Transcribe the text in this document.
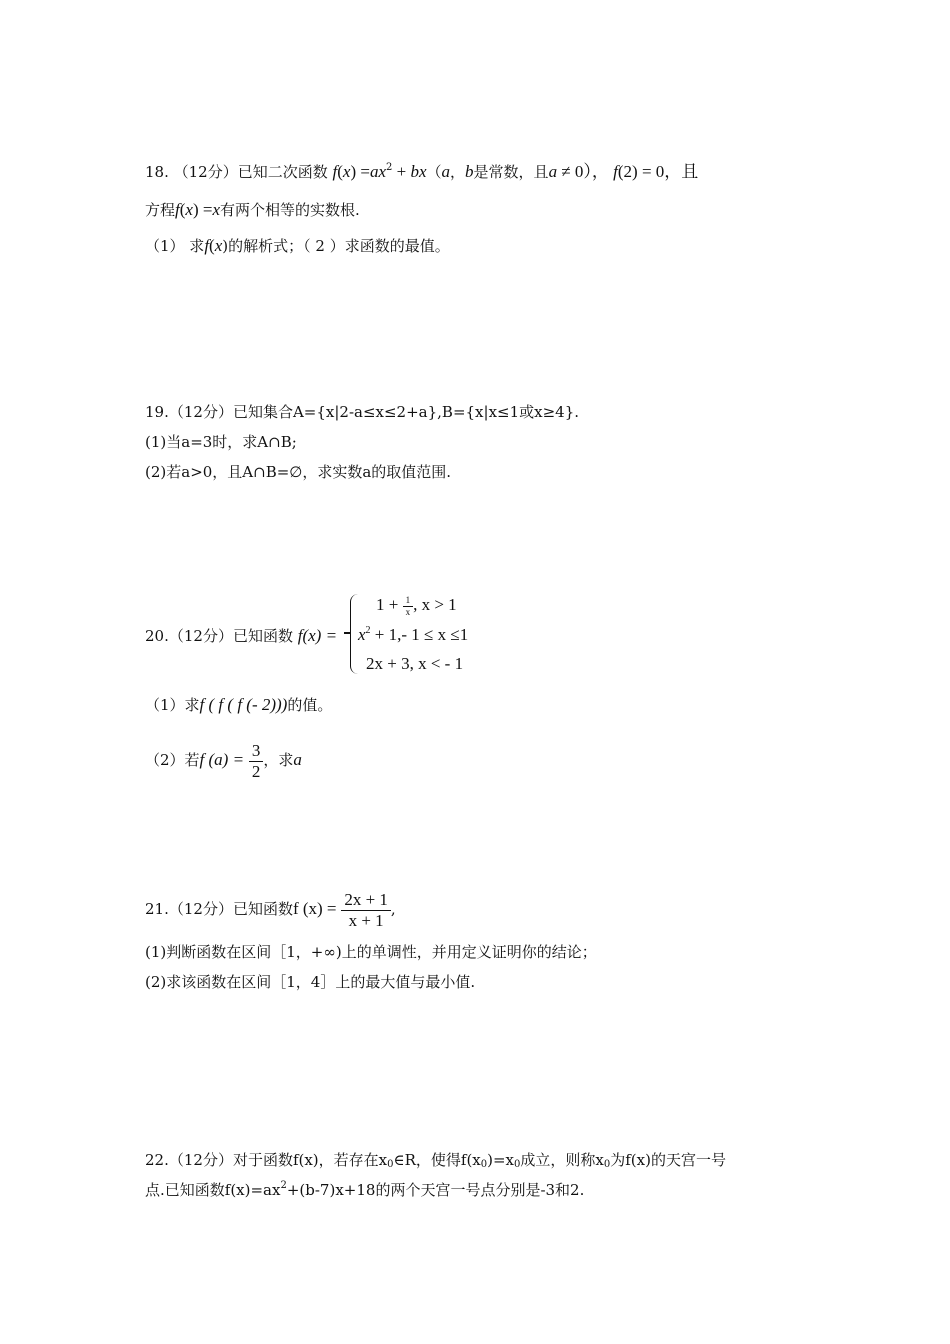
18. （12分）已知二次函数 $f(x) =ax^2 + bx(a$，b是常数，且a ≠ 0）， f(2) = 0，且
方程f(x) =x有两个相等的实数根.
（1） 求f(x)的解析式；（ 2 ）求函数的最值。
19.（12分）已知集合A={x|2-a≤x≤2+a},B={x|x≤1或x≥4}.
(1)当a=3时，求A∩B;
(2)若a>0，且A∩B=∅，求实数a的取值范围.
20.（12分）已知函数 f(x) =
$1 + \frac{1}{x}$ , x > 1
$x^2 + 1,-$ 1 ≤ x ≤1
2x + 3, x < - 1
（1）求f ( f ( f (- 2)))的值。
（2）若f $(a) = \frac{3}{2}$ ，求a
21.（12分）已知函数f $(x) = \frac{2x + 1}{x + 1}$ ,
(1)判断函数在区间［1，+∞)上的单调性，并用定义证明你的结论；
(2)求该函数在区间［1，4］上的最大值与最小值.
22.（12分）对于函数f(x)，若存在$x_0\in R$，使得$f(x_0)=x_0$成立，则称$x_0$为f(x)的天宫一号
点.已知函数$f(x)=ax^2+(b-7)x+18$的两个天宫一号点分别是-3和2.
